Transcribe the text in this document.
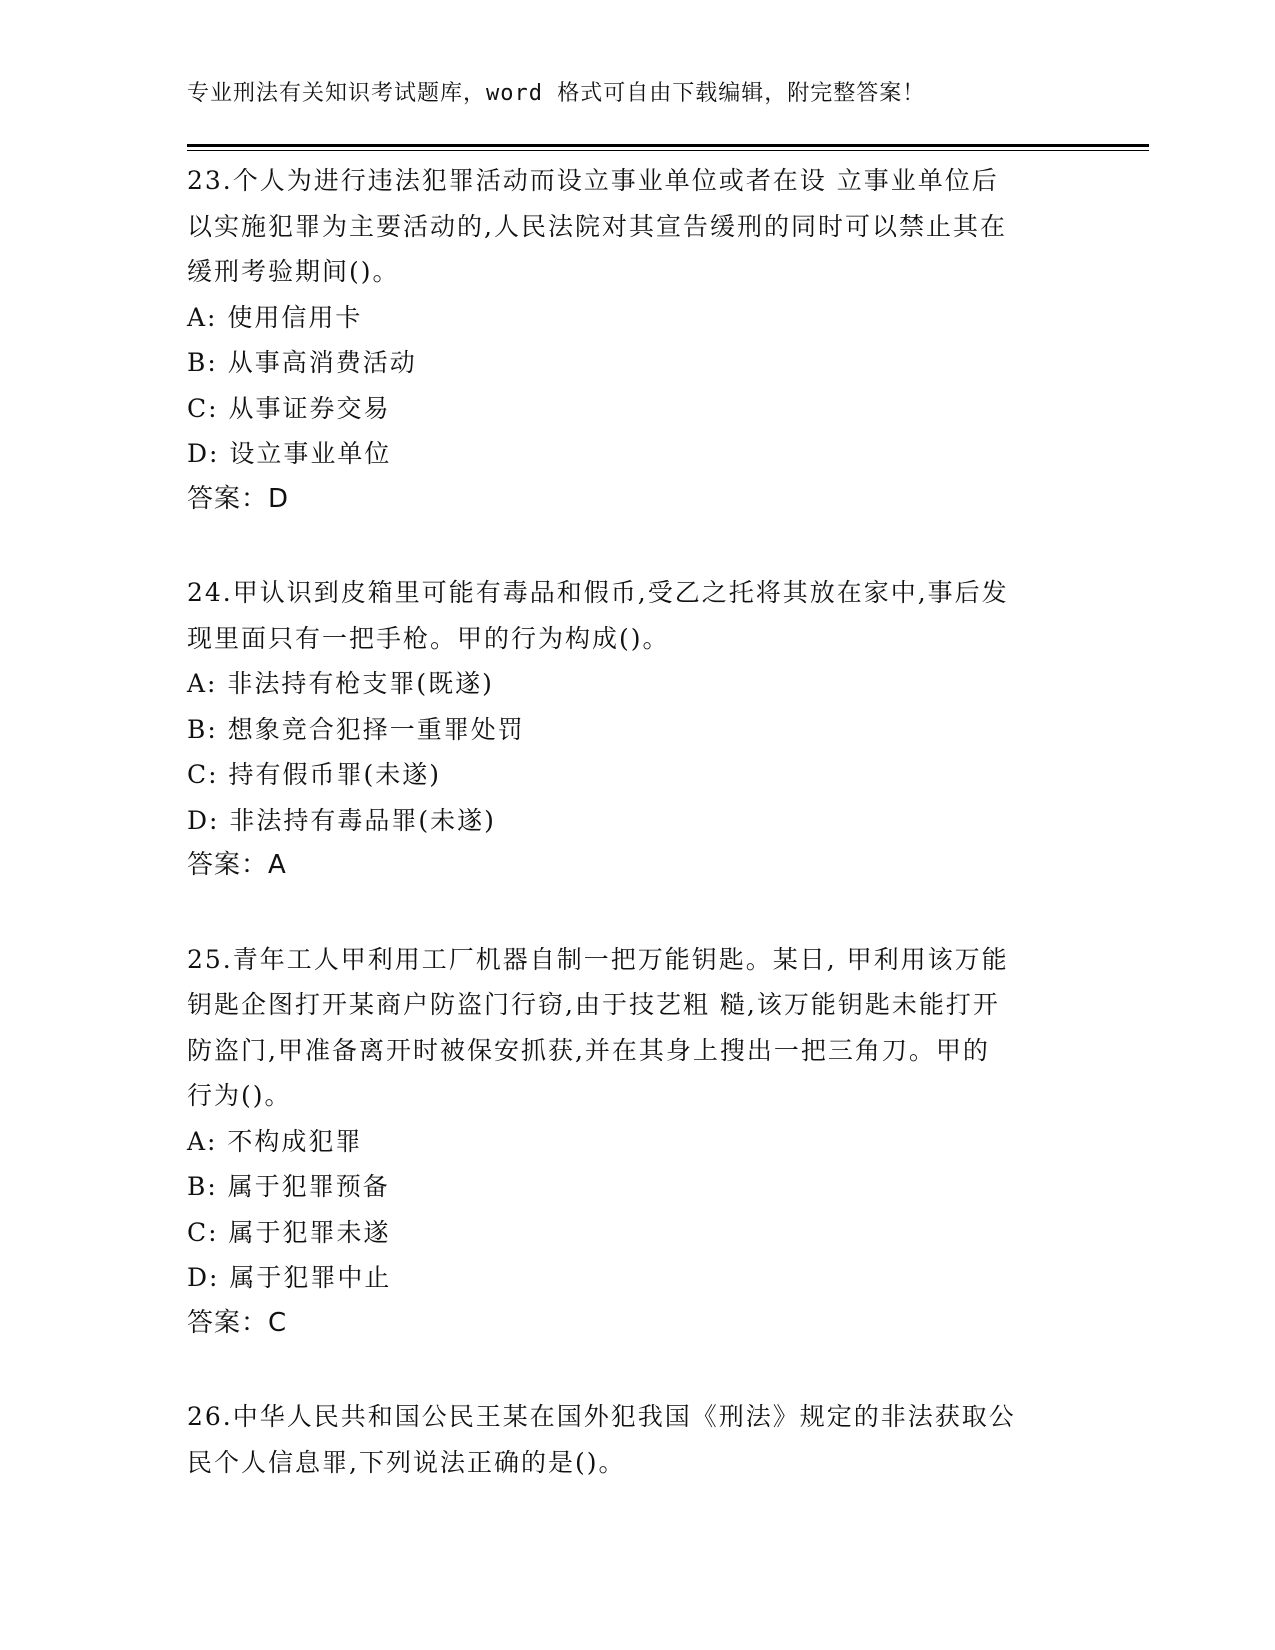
专业刑法有关知识考试题库，word 格式可自由下载编辑，附完整答案！
23.个人为进行违法犯罪活动而设立事业单位或者在设 立事业单位后
以实施犯罪为主要活动的,人民法院对其宣告缓刑的同时可以禁止其在
缓刑考验期间()。
A: 使用信用卡
B: 从事高消费活动
C: 从事证券交易
D: 设立事业单位
答案：D
24.甲认识到皮箱里可能有毒品和假币,受乙之托将其放在家中,事后发
现里面只有一把手枪。甲的行为构成()。
A: 非法持有枪支罪(既遂)
B: 想象竞合犯择一重罪处罚
C: 持有假币罪(未遂)
D: 非法持有毒品罪(未遂)
答案：A
25.青年工人甲利用工厂机器自制一把万能钥匙。某日, 甲利用该万能
钥匙企图打开某商户防盗门行窃,由于技艺粗 糙,该万能钥匙未能打开
防盗门,甲准备离开时被保安抓获,并在其身上搜出一把三角刀。甲的
行为()。
A: 不构成犯罪
B: 属于犯罪预备
C: 属于犯罪未遂
D: 属于犯罪中止
答案：C
26.中华人民共和国公民王某在国外犯我国《刑法》规定的非法获取公
民个人信息罪,下列说法正确的是()。
